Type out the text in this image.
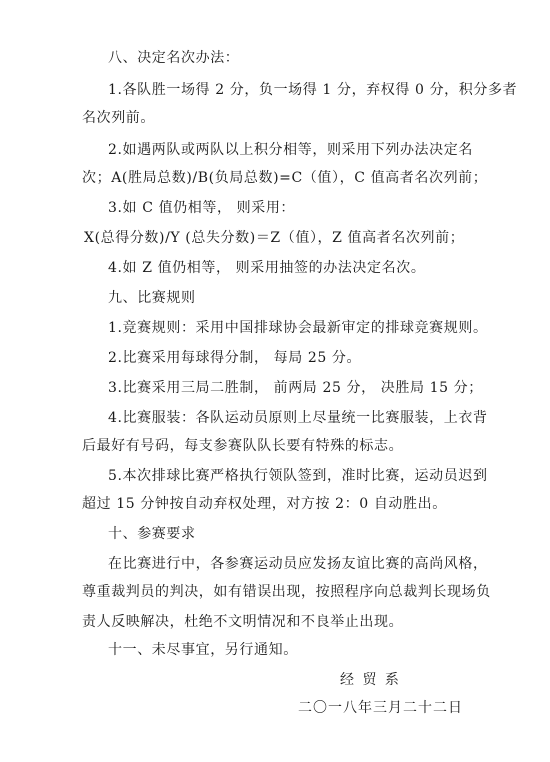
八、决定名次办法：
1.各队胜一场得 2 分，负一场得 1 分，弃权得 0 分，积分多者
名次列前。
2.如遇两队或两队以上积分相等，则采用下列办法决定名
次；A(胜局总数)/B(负局总数)=C（值），C 值高者名次列前；
3.如 C 值仍相等， 则采用：
X(总得分数)/Y (总失分数)＝Z（值），Z 值高者名次列前；
4.如 Z 值仍相等， 则采用抽签的办法决定名次。
九、比赛规则
1.竞赛规则：采用中国排球协会最新审定的排球竞赛规则。
2.比赛采用每球得分制， 每局 25 分。
3.比赛采用三局二胜制， 前两局 25 分， 决胜局 15 分；
4.比赛服装：各队运动员原则上尽量统一比赛服装，上衣背
后最好有号码，每支参赛队队长要有特殊的标志。
5.本次排球比赛严格执行领队签到，准时比赛，运动员迟到
超过 15 分钟按自动弃权处理，对方按 2：0 自动胜出。
十、参赛要求
在比赛进行中，各参赛运动员应发扬友谊比赛的高尚风格，
尊重裁判员的判决，如有错误出现，按照程序向总裁判长现场负
责人反映解决，杜绝不文明情况和不良举止出现。
十一、未尽事宜，另行通知。
经 贸 系
二〇一八年三月二十二日
